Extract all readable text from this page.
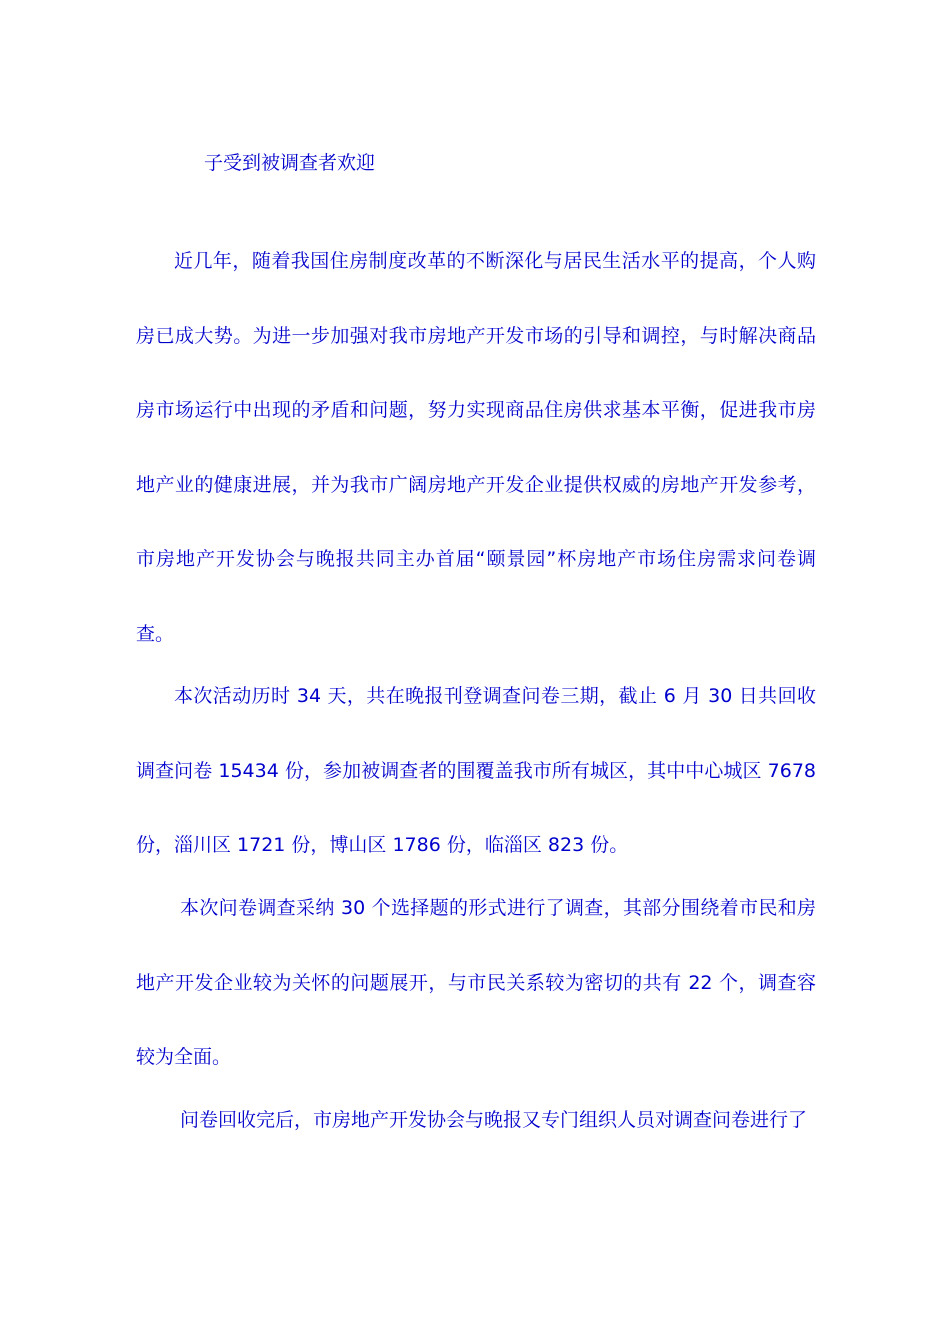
子受到被调查者欢迎

近几年，随着我国住房制度改革的不断深化与居民生活水平的提高，个人购房已成大势。为进一步加强对我市房地产开发市场的引导和调控，与时解决商品房市场运行中出现的矛盾和问题，努力实现商品住房供求基本平衡，促进我市房地产业的健康进展，并为我市广阔房地产开发企业提供权威的房地产开发参考，市房地产开发协会与晚报共同主办首届“颐景园”杯房地产市场住房需求问卷调查。

本次活动历时 34 天，共在晚报刊登调查问卷三期，截止 6 月 30 日共回收调查问卷 15434 份，参加被调查者的围覆盖我市所有城区，其中中心城区 7678 份，淄川区 1721 份，博山区 1786 份，临淄区 823 份。

本次问卷调查采纳 30 个选择题的形式进行了调查，其部分围绕着市民和房地产开发企业较为关怀的问题展开，与市民关系较为密切的共有 22 个，调查容较为全面。

问卷回收完后，市房地产开发协会与晚报又专门组织人员对调查问卷进行了
